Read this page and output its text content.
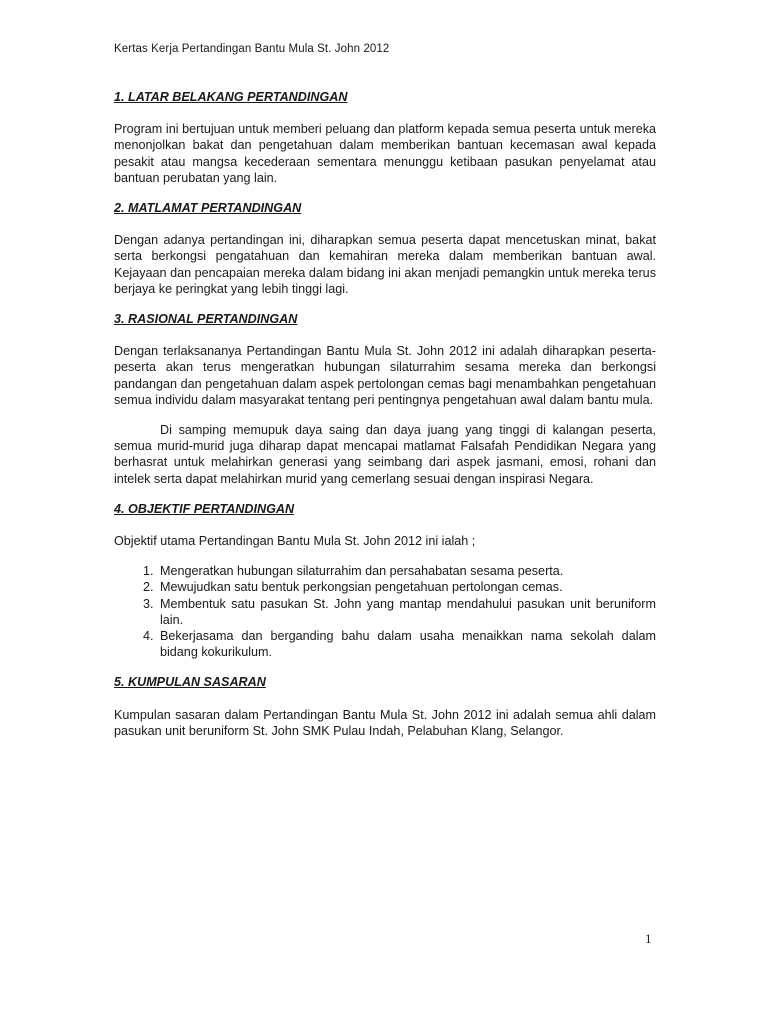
Kertas Kerja Pertandingan Bantu Mula St. John 2012
1. LATAR BELAKANG PERTANDINGAN

Program ini bertujuan untuk memberi peluang dan platform kepada semua peserta untuk mereka menonjolkan bakat dan pengetahuan dalam memberikan bantuan kecemasan awal kepada pesakit atau mangsa kecederaan sementara menunggu ketibaan pasukan penyelamat atau bantuan perubatan yang lain.

2. MATLAMAT PERTANDINGAN

Dengan adanya pertandingan ini, diharapkan semua peserta dapat mencetuskan minat, bakat serta berkongsi pengatahuan dan kemahiran mereka dalam memberikan bantuan awal. Kejayaan dan pencapaian mereka dalam bidang ini akan menjadi pemangkin untuk mereka terus berjaya ke peringkat yang lebih tinggi lagi.

3. RASIONAL PERTANDINGAN

Dengan terlaksananya Pertandingan Bantu Mula St. John 2012 ini adalah diharapkan peserta-peserta akan terus mengeratkan hubungan silaturrahim sesama mereka dan berkongsi pandangan dan pengetahuan dalam aspek pertolongan cemas bagi menambahkan pengetahuan semua individu dalam masyarakat tentang peri pentingnya pengetahuan awal dalam bantu mula.

Di samping memupuk daya saing dan daya juang yang tinggi di kalangan peserta, semua murid-murid juga diharap dapat mencapai matlamat Falsafah Pendidikan Negara yang berhasrat untuk melahirkan generasi yang seimbang dari aspek jasmani, emosi, rohani dan intelek serta dapat melahirkan murid yang cemerlang sesuai dengan inspirasi Negara.

4. OBJEKTIF PERTANDINGAN

Objektif utama Pertandingan Bantu Mula St. John 2012 ini ialah ;

1. Mengeratkan hubungan silaturrahim dan persahabatan sesama peserta.
2. Mewujudkan satu bentuk perkongsian pengetahuan pertolongan cemas.
3. Membentuk satu pasukan St. John yang mantap mendahului pasukan unit beruniform lain.
4. Bekerjasama dan berganding bahu dalam usaha menaikkan nama sekolah dalam bidang kokurikulum.
5. KUMPULAN SASARAN

Kumpulan sasaran dalam Pertandingan Bantu Mula St. John 2012 ini adalah semua ahli dalam pasukan unit beruniform St. John SMK Pulau Indah, Pelabuhan Klang, Selangor.

1
